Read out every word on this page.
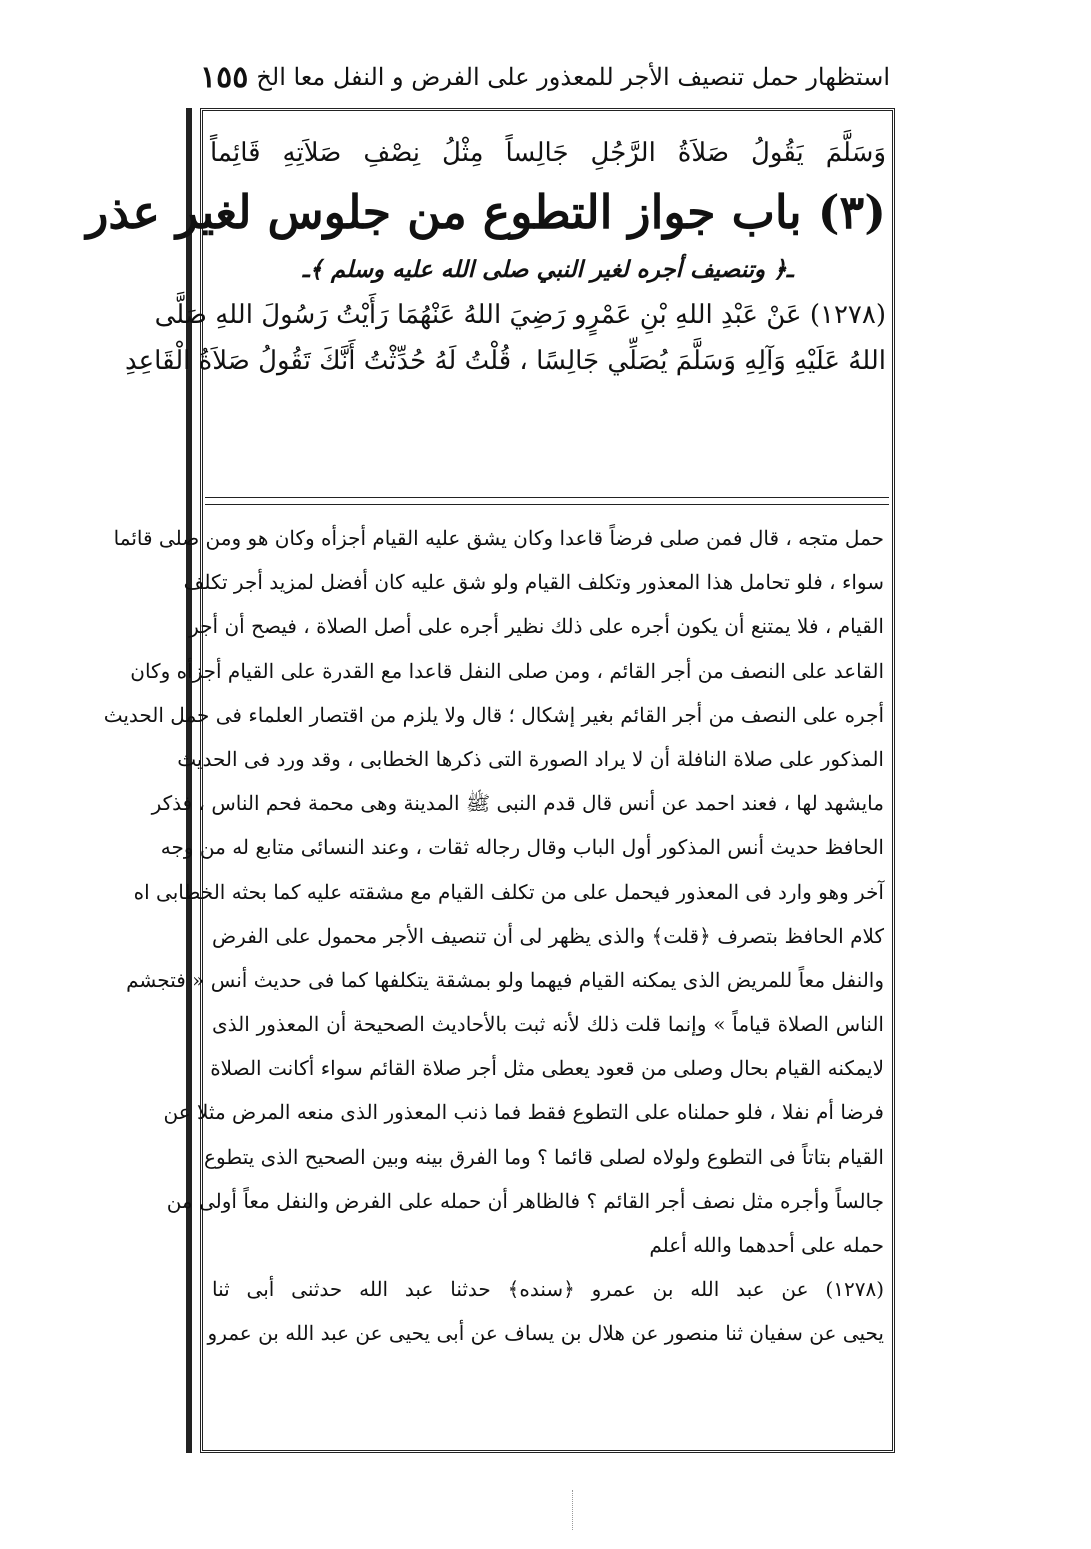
استظهار حمل تنصيف الأجر للمعذور على الفرض و النفل معا الخ
١٥٥
وَسَلَّمَ يَقُولُ صَلاَةُ الرَّجُلِ جَالِساً مِثْلُ نِصْفِ صَلاَتِهِ قَائِماً
(٣) باب جواز التطوع من جلوس لغير عذر
ـ﴿ وتنصيف أجره لغير النبي صلى الله عليه وسلم ﴾ـ
(١٢٧٨) عَنْ عَبْدِ اللهِ بْنِ عَمْرٍو رَضِيَ اللهُ عَنْهُمَا رَأَيْتُ رَسُولَ اللهِ صَلَّى
اللهُ عَلَيْهِ وَآلِهِ وَسَلَّمَ يُصَلِّي جَالِسًا ، قُلْتُ لَهُ حُدِّثْتُ أَنَّكَ تَقُولُ صَلاَةُ الْقَاعِدِ
حمل متجه ، قال فمن صلى فرضاً قاعدا وكان يشق عليه القيام أجزأه وكان هو ومن صلى قائما
سواء ، فلو تحامل هذا المعذور وتكلف القيام ولو شق عليه كان أفضل لمزيد أجر تكلف
القيام ، فلا يمتنع أن يكون أجره على ذلك نظير أجره على أصل الصلاة ، فيصح أن أجر
القاعد على النصف من أجر القائم ، ومن صلى النفل قاعدا مع القدرة على القيام أجزأه وكان
أجره على النصف من أجر القائم بغير إشكال ؛ قال ولا يلزم من اقتصار العلماء فى حمل الحديث
المذكور على صلاة النافلة أن لا يراد الصورة التى ذكرها الخطابى ، وقد ورد فى الحديث
مايشهد لها ، فعند احمد عن أنس قال قدم النبى ﷺ المدينة وهى محمة فحم الناس ، فذكر
الحافظ حديث أنس المذكور أول الباب وقال رجاله ثقات ، وعند النسائى متابع له من وجه
آخر وهو وارد فى المعذور فيحمل على من تكلف القيام مع مشقته عليه كما بحثه الخطابى اه
كلام الحافظ بتصرف ﴿قلت﴾ والذى يظهر لى أن تنصيف الأجر محمول على الفرض
والنفل معاً للمريض الذى يمكنه القيام فيهما ولو بمشقة يتكلفها كما فى حديث أنس « فتجشم
الناس الصلاة قياماً » وإنما قلت ذلك لأنه ثبت بالأحاديث الصحيحة أن المعذور الذى
لايمكنه القيام بحال وصلى من قعود يعطى مثل أجر صلاة القائم سواء أكانت الصلاة
فرضا أم نفلا ، فلو حملناه على التطوع فقط فما ذنب المعذور الذى منعه المرض مثلا عن
القيام بتاتاً فى التطوع ولولاه لصلى قائما ؟ وما الفرق بينه وبين الصحيح الذى يتطوع
جالساً وأجره مثل نصف أجر القائم ؟ فالظاهر أن حمله على الفرض والنفل معاً أولى من
حمله على أحدهما والله أعلم
(١٢٧٨) عن عبد الله بن عمرو ﴿سنده﴾ حدثنا عبد الله حدثنى أبى ثنا
يحيى عن سفيان ثنا منصور عن هلال بن يساف عن أبى يحيى عن عبد الله بن عمرو
